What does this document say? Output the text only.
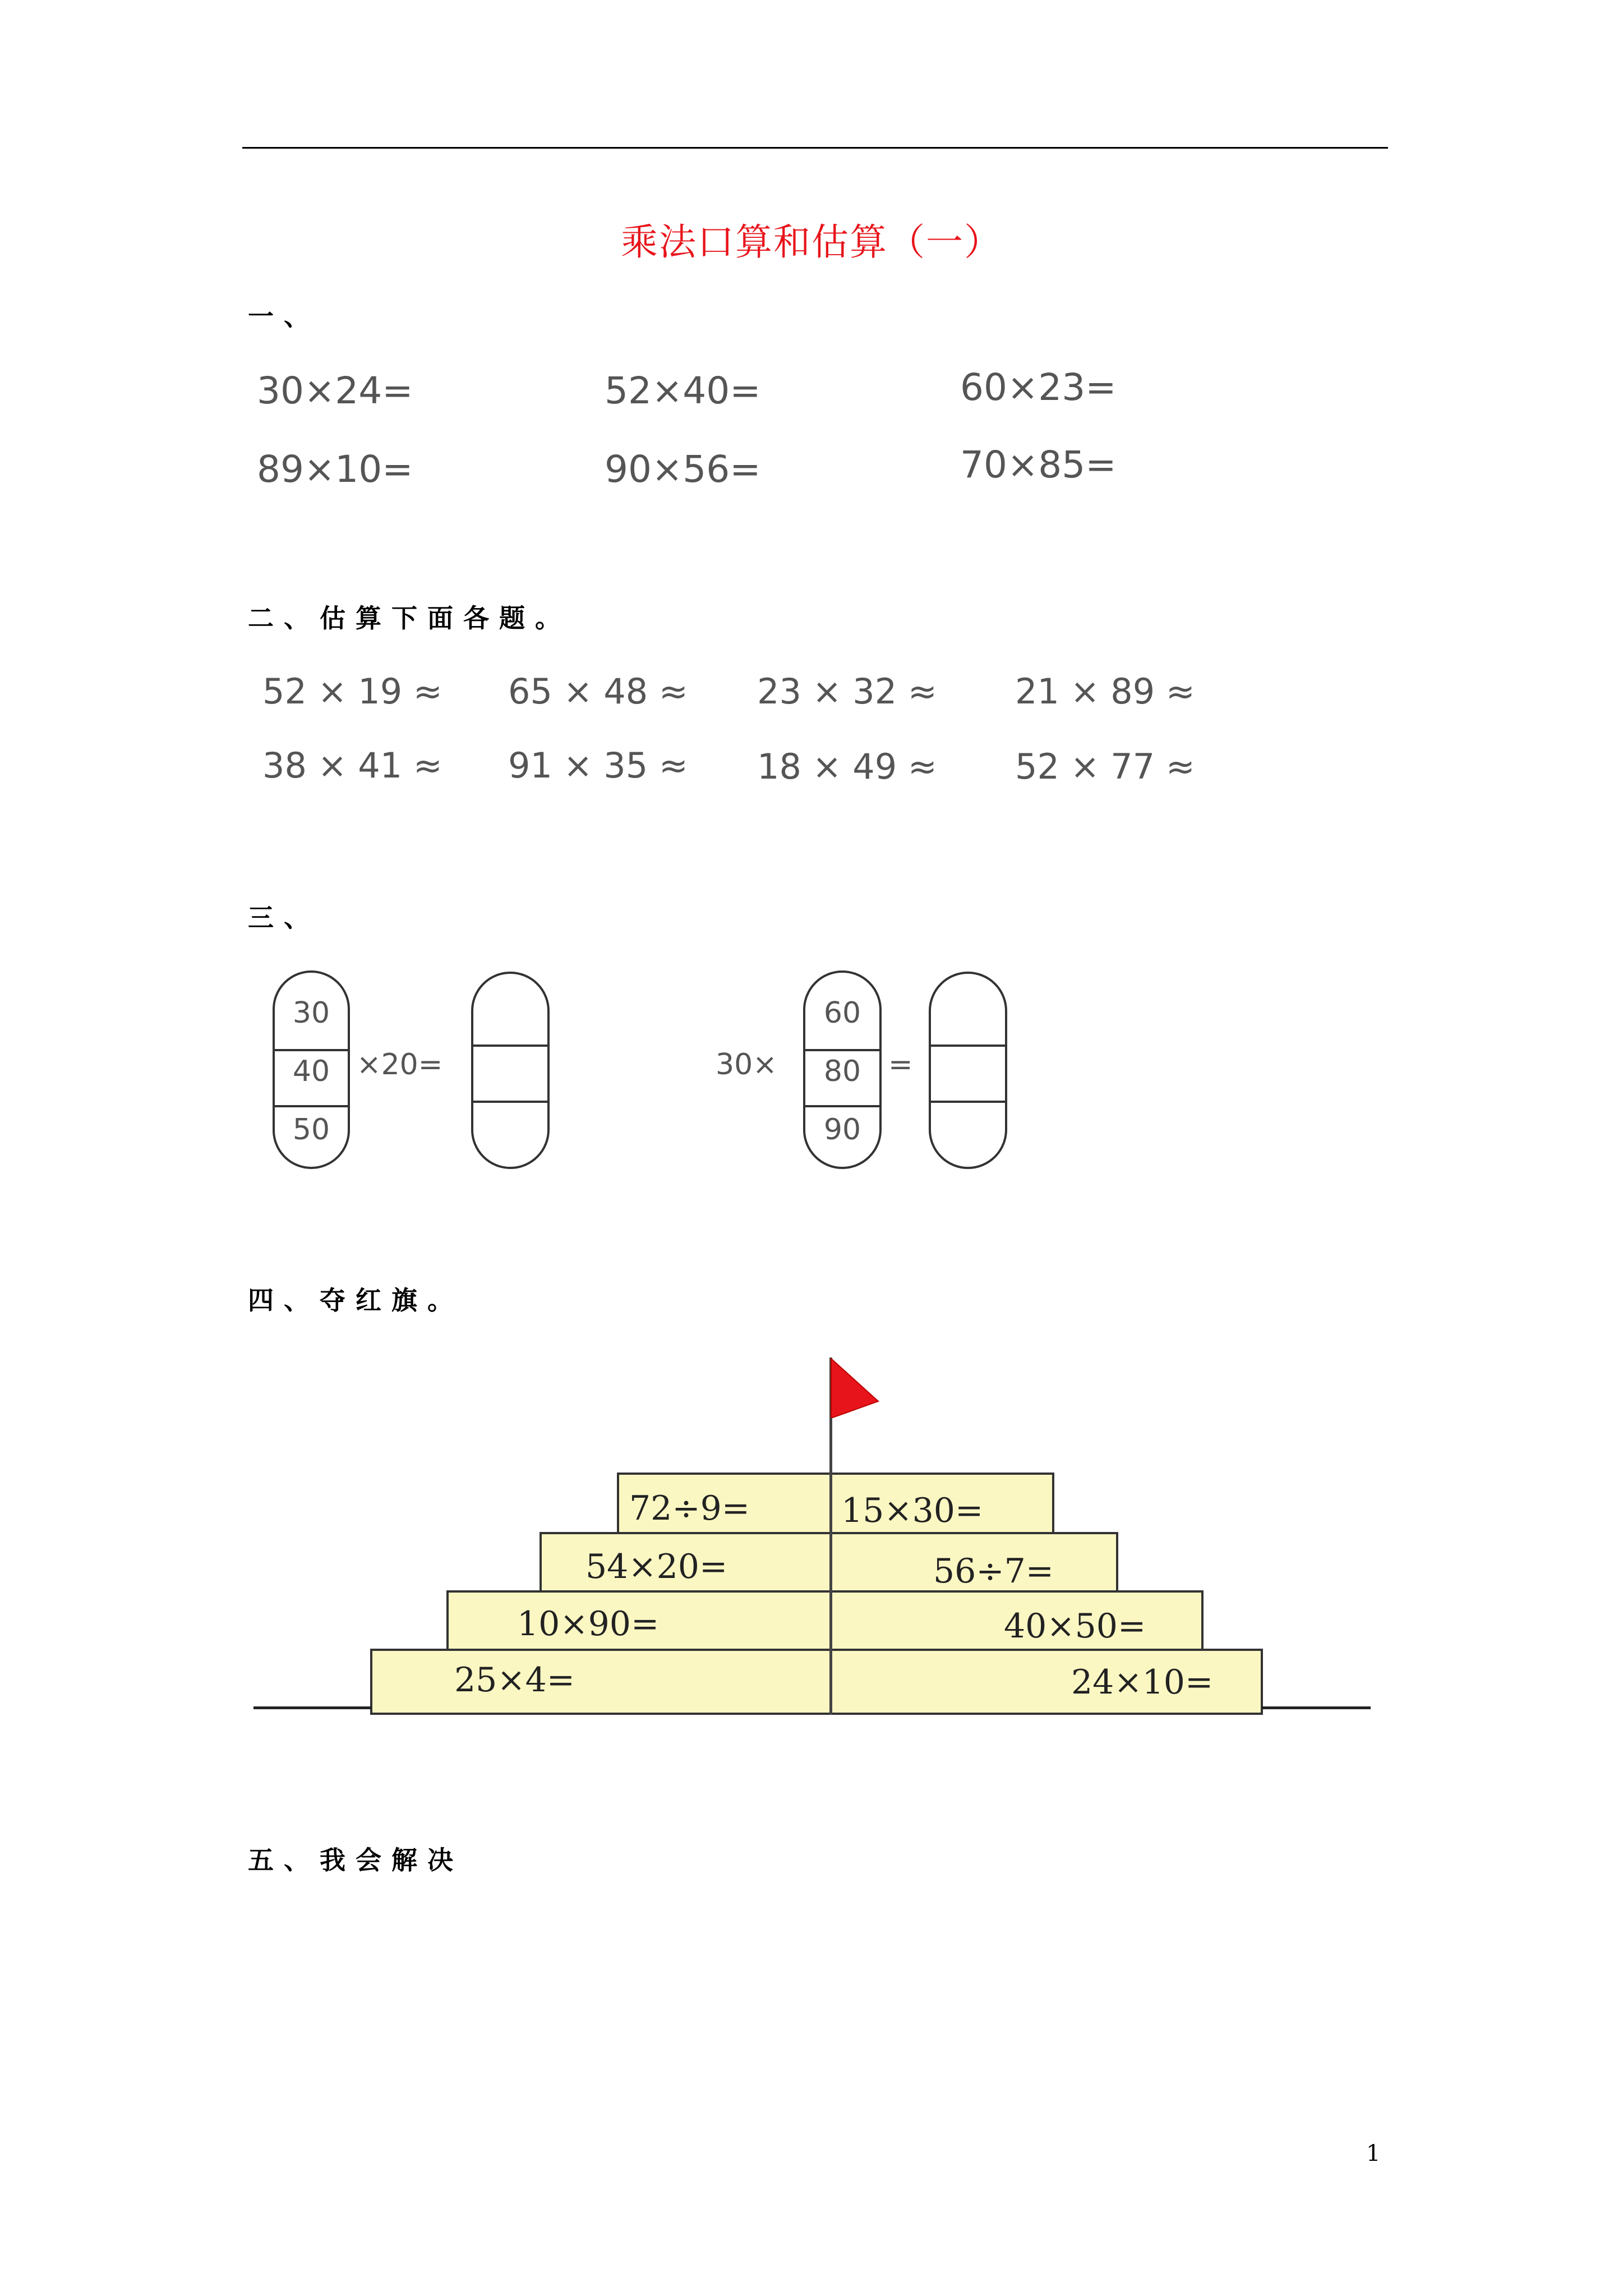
乘法口算和估算（一）
一、
30×24=	52×40=	60×23=
89×10=	90×56=	70×85=
二、估算下面各题。
52 × 19 ≈ 65 × 48 ≈ 23 × 32 ≈ 21 × 89 ≈
38 × 41 ≈ 91 × 35 ≈ 18 × 49 ≈ 52 × 77 ≈
三、
30
40
50
×20=	30×
60
80
90
=
四、夺红旗。
72÷9=	15×30=
54×20=	56÷7=
10×90=	40×50=
25×4=	24×10=
五、我会解决
1
